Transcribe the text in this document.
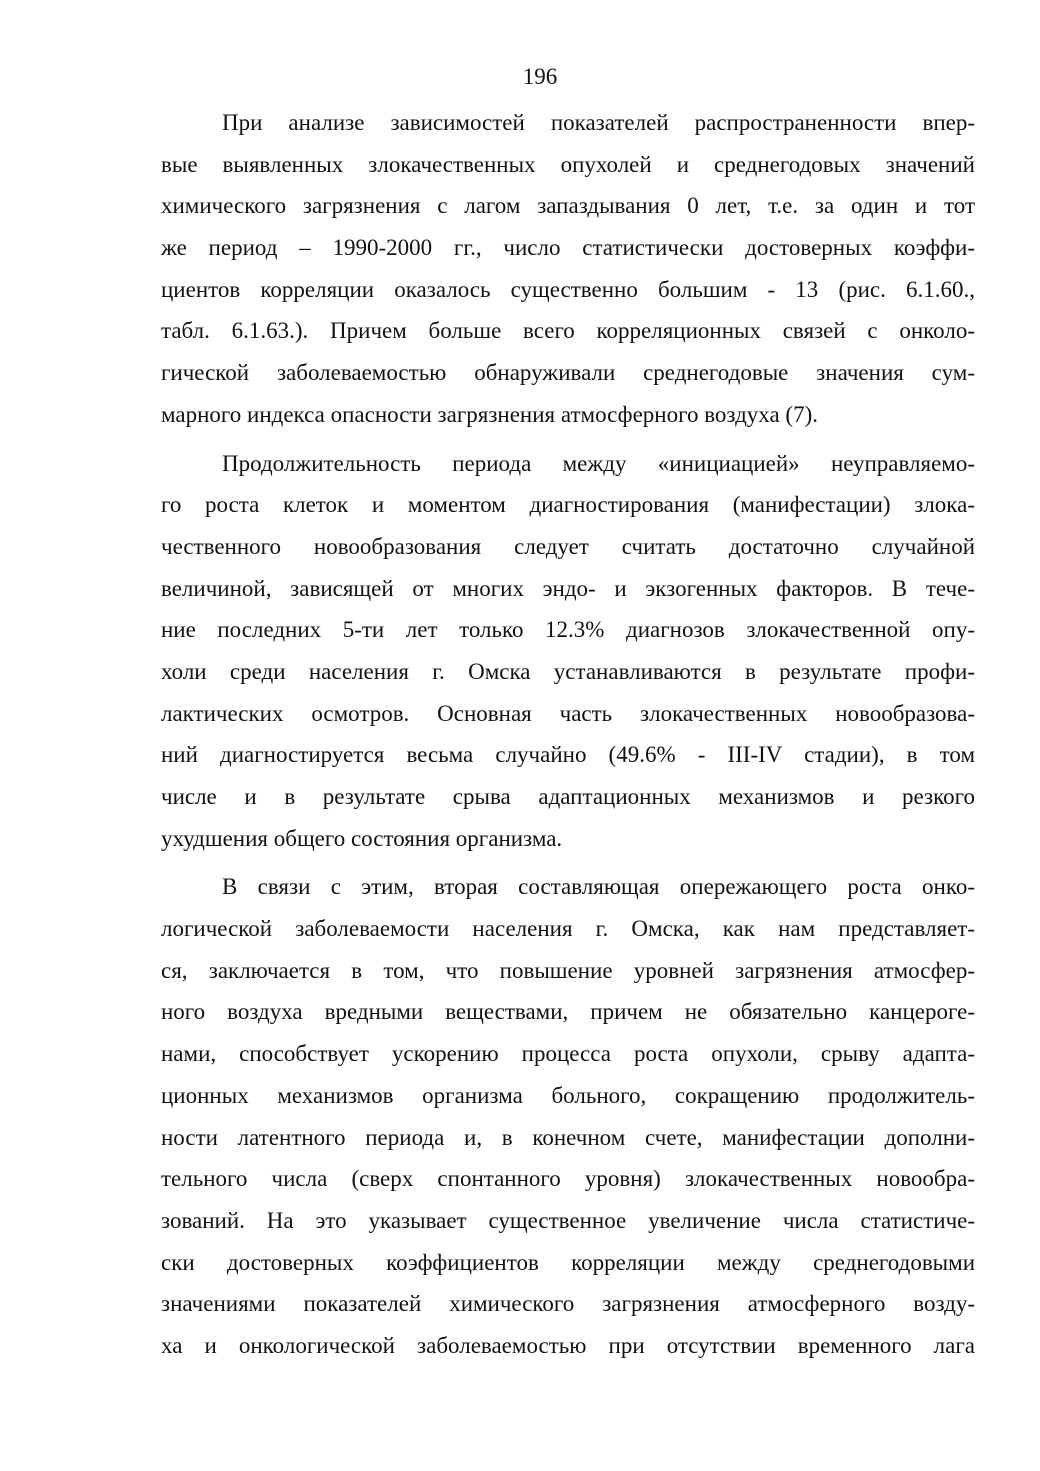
196
При анализе зависимостей показателей распространенности впер-
вые выявленных злокачественных опухолей и среднегодовых значений
химического загрязнения с лагом запаздывания 0 лет, т.е. за один и тот
же период – 1990-2000 гг., число статистически достоверных коэффи-
циентов корреляции оказалось существенно большим - 13 (рис. 6.1.60.,
табл. 6.1.63.). Причем больше всего корреляционных связей с онколо-
гической заболеваемостью обнаруживали среднегодовые значения сум-
марного индекса опасности загрязнения атмосферного воздуха (7).
Продолжительность периода между «инициацией» неуправляемо-
го роста клеток и моментом диагностирования (манифестации) злока-
чественного новообразования следует считать достаточно случайной
величиной, зависящей от многих эндо- и экзогенных факторов. В тече-
ние последних 5-ти лет только 12.3% диагнозов злокачественной опу-
холи среди населения г. Омска устанавливаются в результате профи-
лактических осмотров. Основная часть злокачественных новообразова-
ний диагностируется весьма случайно (49.6% - III-IV стадии), в том
числе и в результате срыва адаптационных механизмов и резкого
ухудшения общего состояния организма.
В связи с этим, вторая составляющая опережающего роста онко-
логической заболеваемости населения г. Омска, как нам представляет-
ся, заключается в том, что повышение уровней загрязнения атмосфер-
ного воздуха вредными веществами, причем не обязательно канцероге-
нами, способствует ускорению процесса роста опухоли, срыву адапта-
ционных механизмов организма больного, сокращению продолжитель-
ности латентного периода и, в конечном счете, манифестации дополни-
тельного числа (сверх спонтанного уровня) злокачественных новообра-
зований. На это указывает существенное увеличение числа статистиче-
ски достоверных коэффициентов корреляции между среднегодовыми
значениями показателей химического загрязнения атмосферного возду-
ха и онкологической заболеваемостью при отсутствии временного лага
